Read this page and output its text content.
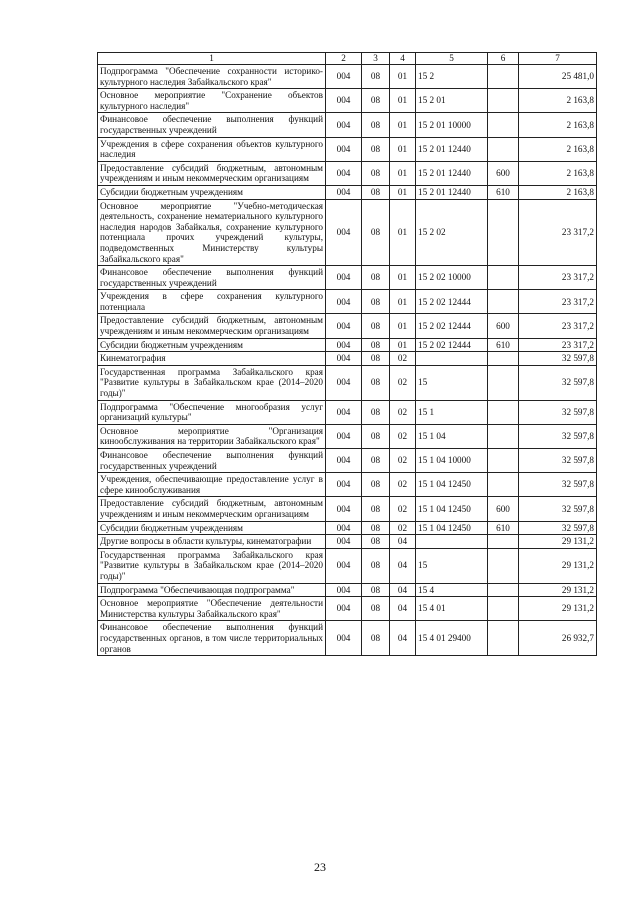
1	2	3	4	5	6	7
Подпрограмма "Обеспечение сохранности историко-культурного наследия Забайкальского края"	004	08	01	15 2		25 481,0
Основное мероприятие "Сохранение объектов культурного наследия"	004	08	01	15 2 01		2 163,8
Финансовое обеспечение выполнения функций государственных учреждений	004	08	01	15 2 01 10000		2 163,8
Учреждения в сфере сохранения объектов культурного наследия	004	08	01	15 2 01 12440		2 163,8
Предоставление субсидий бюджетным, автономным учреждениям и иным некоммерческим организациям	004	08	01	15 2 01 12440	600	2 163,8
Субсидии бюджетным учреждениям	004	08	01	15 2 01 12440	610	2 163,8
Основное мероприятие "Учебно-методическая деятельность, сохранение нематериального культурного наследия народов Забайкалья, сохранение культурного потенциала прочих учреждений культуры, подведомственных Министерству культуры Забайкальского края"	004	08	01	15 2 02		23 317,2
Финансовое обеспечение выполнения функций государственных учреждений	004	08	01	15 2 02 10000		23 317,2
Учреждения в сфере сохранения культурного потенциала	004	08	01	15 2 02 12444		23 317,2
Предоставление субсидий бюджетным, автономным учреждениям и иным некоммерческим организациям	004	08	01	15 2 02 12444	600	23 317,2
Субсидии бюджетным учреждениям	004	08	01	15 2 02 12444	610	23 317,2
Кинематография	004	08	02			32 597,8
Государственная программа Забайкальского края "Развитие культуры в Забайкальском крае (2014–2020 годы)"	004	08	02	15		32 597,8
Подпрограмма "Обеспечение многообразия услуг организаций культуры"	004	08	02	15 1		32 597,8
Основное мероприятие "Организация кинообслуживания на территории Забайкальского края"	004	08	02	15 1 04		32 597,8
Финансовое обеспечение выполнения функций государственных учреждений	004	08	02	15 1 04 10000		32 597,8
Учреждения, обеспечивающие предоставление услуг в сфере кинообслуживания	004	08	02	15 1 04 12450		32 597,8
Предоставление субсидий бюджетным, автономным учреждениям и иным некоммерческим организациям	004	08	02	15 1 04 12450	600	32 597,8
Субсидии бюджетным учреждениям	004	08	02	15 1 04 12450	610	32 597,8
Другие вопросы в области культуры, кинематографии	004	08	04			29 131,2
Государственная программа Забайкальского края "Развитие культуры в Забайкальском крае (2014–2020 годы)"	004	08	04	15		29 131,2
Подпрограмма "Обеспечивающая подпрограмма"	004	08	04	15 4		29 131,2
Основное мероприятие "Обеспечение деятельности Министерства культуры Забайкальского края"	004	08	04	15 4 01		29 131,2
Финансовое обеспечение выполнения функций государственных органов, в том числе территориальных органов	004	08	04	15 4 01 29400		26 932,7
23
